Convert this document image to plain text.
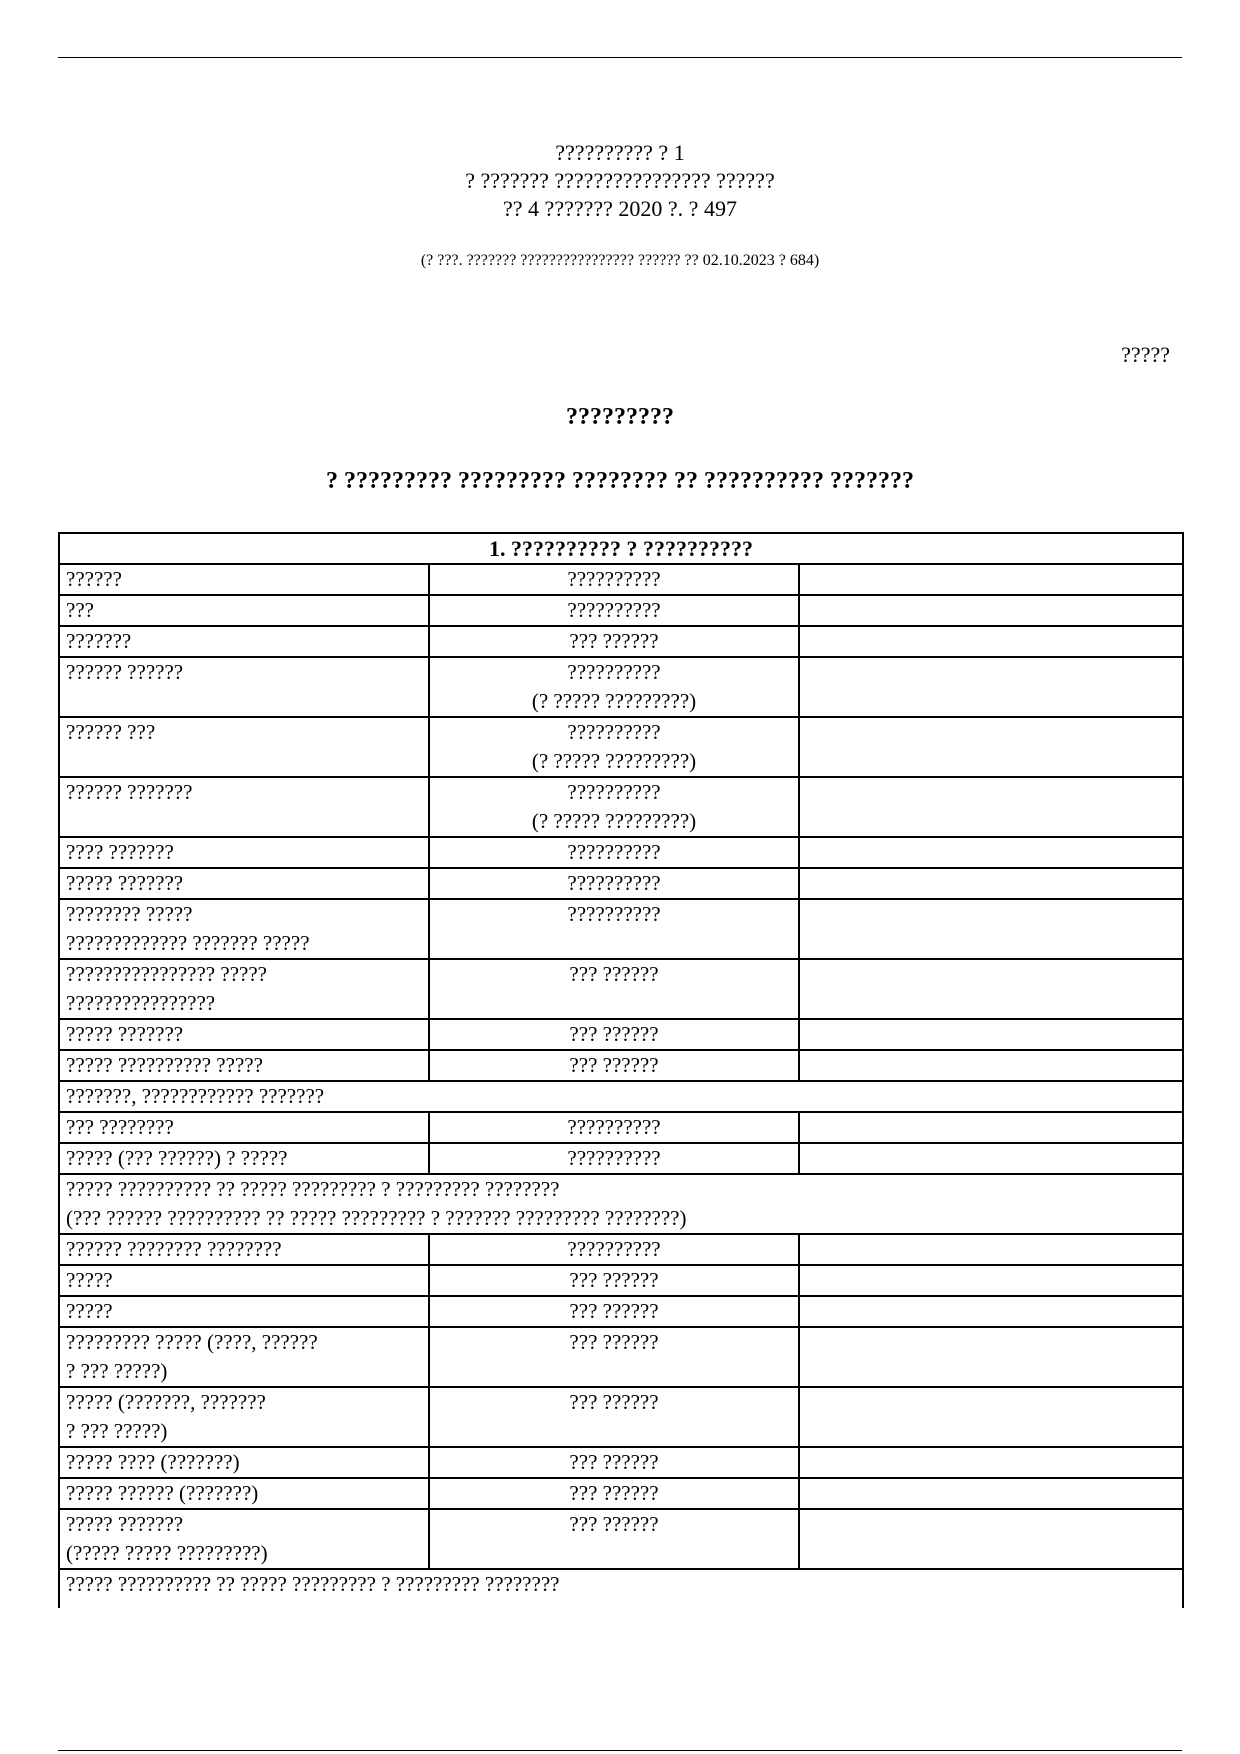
?????????? ? 1
? ??????? ???????????????? ??????
?? 4 ??????? 2020 ?. ? 497
(? ???. ??????? ???????????????? ?????? ?? 02.10.2023 ? 684)
?????
?????????
? ????????? ????????? ???????? ?? ?????????? ???????
1. ?????????? ? ??????????		

??????	??????????	

???	??????????	

???????	??? ??????	

?????? ??????	??????????
(? ????? ?????????)	

?????? ???	??????????
(? ????? ?????????)	

?????? ???????	??????????
(? ????? ?????????)	

???? ???????	??????????	

????? ???????	??????????	

???????? ?????
????????????? ??????? ?????	??????????	

???????????????? ?????
????????????????	??? ??????	

????? ???????	??? ??????	

????? ?????????? ?????	??? ??????	

???????, ???????????? ???????		

??? ????????	??????????	

????? (??? ??????) ? ?????	??????????	

????? ?????????? ?? ????? ????????? ? ????????? ????????
(??? ?????? ?????????? ?? ????? ????????? ? ??????? ????????? ????????)		

?????? ???????? ????????	??????????	

?????	??? ??????	

?????	??? ??????	

????????? ????? (????, ??????
? ??? ?????)	??? ??????	

????? (???????, ???????
? ??? ?????)	??? ??????	

????? ???? (???????)	??? ??????	

????? ?????? (???????)	??? ??????	

????? ???????
(????? ????? ?????????)	??? ??????	

????? ?????????? ?? ????? ????????? ? ????????? ????????		
